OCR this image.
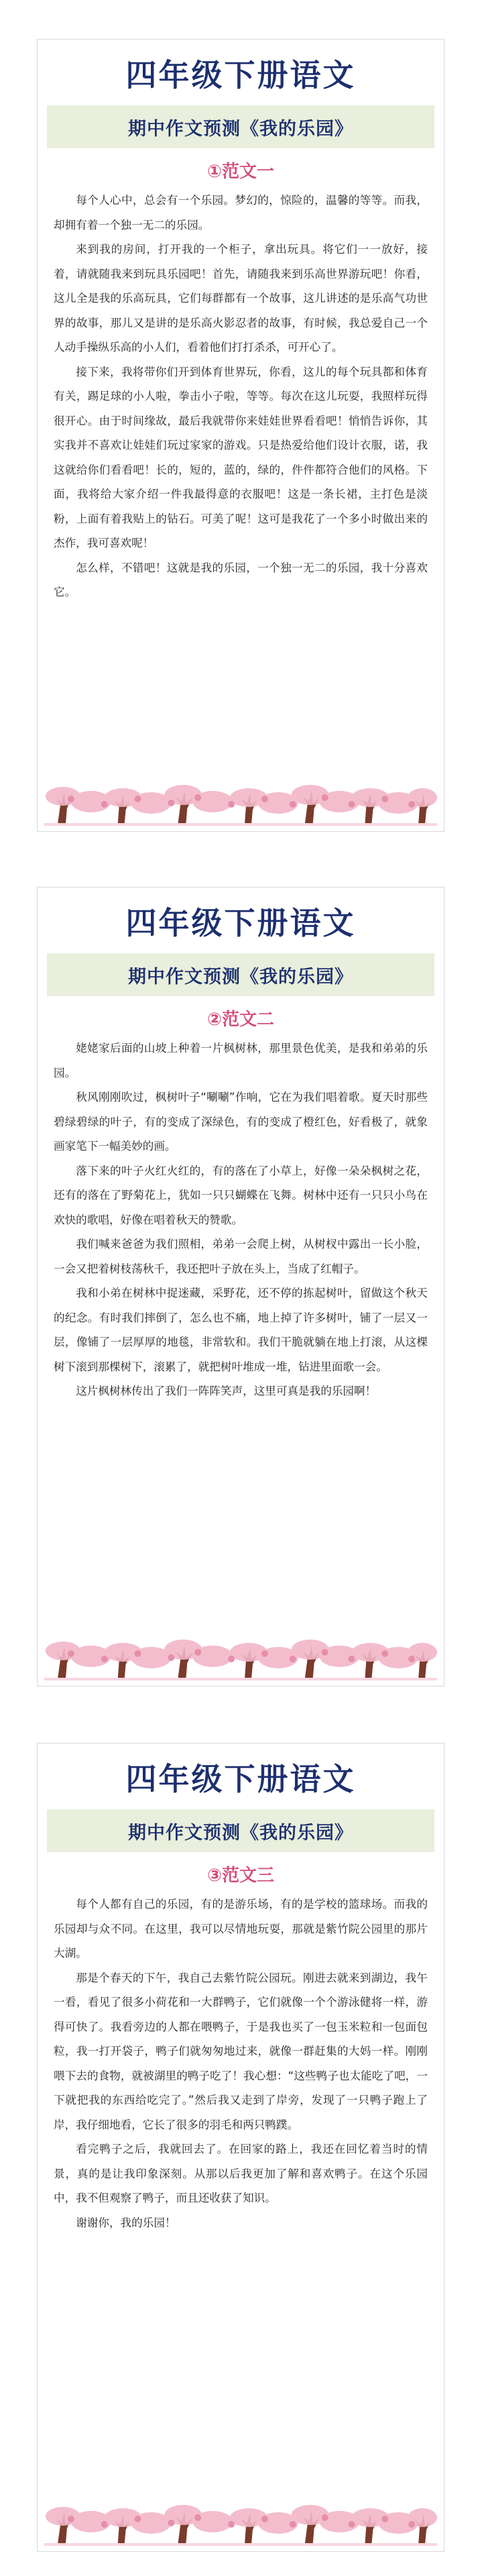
四年级下册语文
期中作文预测《我的乐园》
①范文一

每个人心中，总会有一个乐园。梦幻的，惊险的，温馨的等等。而我，却拥有着一个独一无二的乐园。

来到我的房间，打开我的一个柜子，拿出玩具。将它们一一放好，接着，请就随我来到玩具乐园吧！首先，请随我来到乐高世界游玩吧！你看，这儿全是我的乐高玩具，它们每群都有一个故事，这儿讲述的是乐高气功世界的故事，那儿又是讲的是乐高火影忍者的故事，有时候，我总爱自己一个人动手操纵乐高的小人们，看着他们打打杀杀，可开心了。

接下来，我将带你们开到体育世界玩，你看，这儿的每个玩具都和体育有关，踢足球的小人啦，拳击小子啦，等等。每次在这儿玩耍，我照样玩得很开心。由于时间缘故，最后我就带你来娃娃世界看看吧！悄悄告诉你，其实我并不喜欢让娃娃们玩过家家的游戏。只是热爱给他们设计衣服，诺，我这就给你们看看吧！长的，短的，蓝的，绿的，件件都符合他们的风格。下面，我将给大家介绍一件我最得意的衣服吧！这是一条长裙，主打色是淡粉，上面有着我贴上的钻石。可美了呢！这可是我花了一个多小时做出来的杰作，我可喜欢呢！

怎么样，不错吧！这就是我的乐园，一个独一无二的乐园，我十分喜欢它。

四年级下册语文
期中作文预测《我的乐园》
②范文二

姥姥家后面的山坡上种着一片枫树林，那里景色优美，是我和弟弟的乐园。

秋风刚刚吹过，枫树叶子“唰唰”作响，它在为我们唱着歌。夏天时那些碧绿碧绿的叶子，有的变成了深绿色，有的变成了橙红色，好看极了，就象画家笔下一幅美妙的画。

落下来的叶子火红火红的，有的落在了小草上，好像一朵朵枫树之花，还有的落在了野菊花上，犹如一只只蝴蝶在飞舞。树林中还有一只只小鸟在欢快的歌唱，好像在唱着秋天的赞歌。

我们喊来爸爸为我们照相，弟弟一会爬上树，从树杈中露出一长小脸，一会又把着树枝荡秋千，我还把叶子放在头上，当成了红帽子。

我和小弟在树林中捉迷藏，采野花，还不停的拣起树叶，留做这个秋天的纪念。有时我们摔倒了，怎么也不痛，地上掉了许多树叶，铺了一层又一层，像铺了一层厚厚的地毯，非常软和。我们干脆就躺在地上打滚，从这棵树下滚到那棵树下，滚累了，就把树叶堆成一堆，钻进里面歌一会。

这片枫树林传出了我们一阵阵笑声，这里可真是我的乐园啊！

四年级下册语文
期中作文预测《我的乐园》
③范文三

每个人都有自己的乐园，有的是游乐场，有的是学校的篮球场。而我的乐园却与众不同。在这里，我可以尽情地玩耍，那就是紫竹院公园里的那片大湖。

那是个春天的下午，我自己去紫竹院公园玩。刚进去就来到湖边，我午一看，看见了很多小荷花和一大群鸭子，它们就像一个个游泳健将一样，游得可快了。我看旁边的人都在喂鸭子，于是我也买了一包玉米粒和一包面包粒，我一打开袋子，鸭子们就匆匆地过来，就像一群赶集的大妈一样。刚刚喂下去的食物，就被湖里的鸭子吃了！我心想：“这些鸭子也太能吃了吧，一下就把我的东西给吃完了。”然后我又走到了岸旁，发现了一只鸭子跑上了岸，我仔细地看，它长了很多的羽毛和两只鸭蹼。

看完鸭子之后，我就回去了。在回家的路上，我还在回忆着当时的情景，真的是让我印象深刻。从那以后我更加了解和喜欢鸭子。在这个乐园中，我不但观察了鸭子，而且还收获了知识。

谢谢你，我的乐园！
